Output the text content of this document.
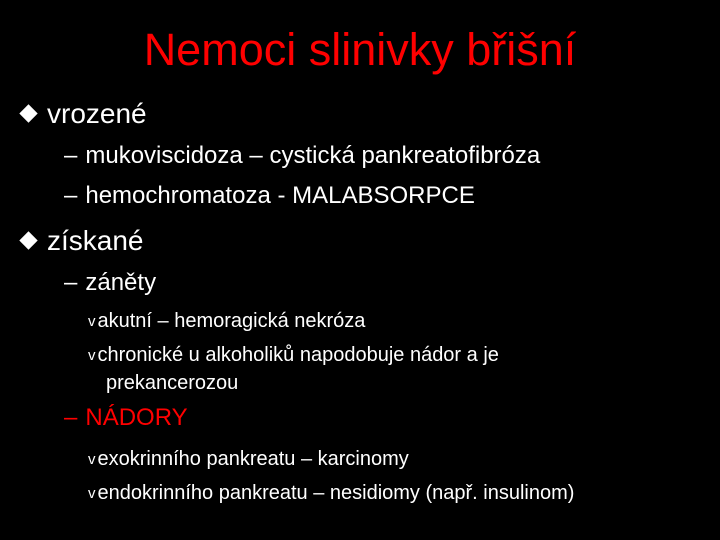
Nemoci slinivky břišní
vrozené
– mukoviscidoza – cystická pankreatofibróza
– hemochromatoza - MALABSORPCE
získané
– záněty
v akutní – hemoragická nekróza
v chronické u alkoholiků napodobuje nádor a je
prekancerozou
– NÁDORY
v exokrinního pankreatu – karcinomy
v endokrinního pankreatu – nesidiomy (např. insulinom)
